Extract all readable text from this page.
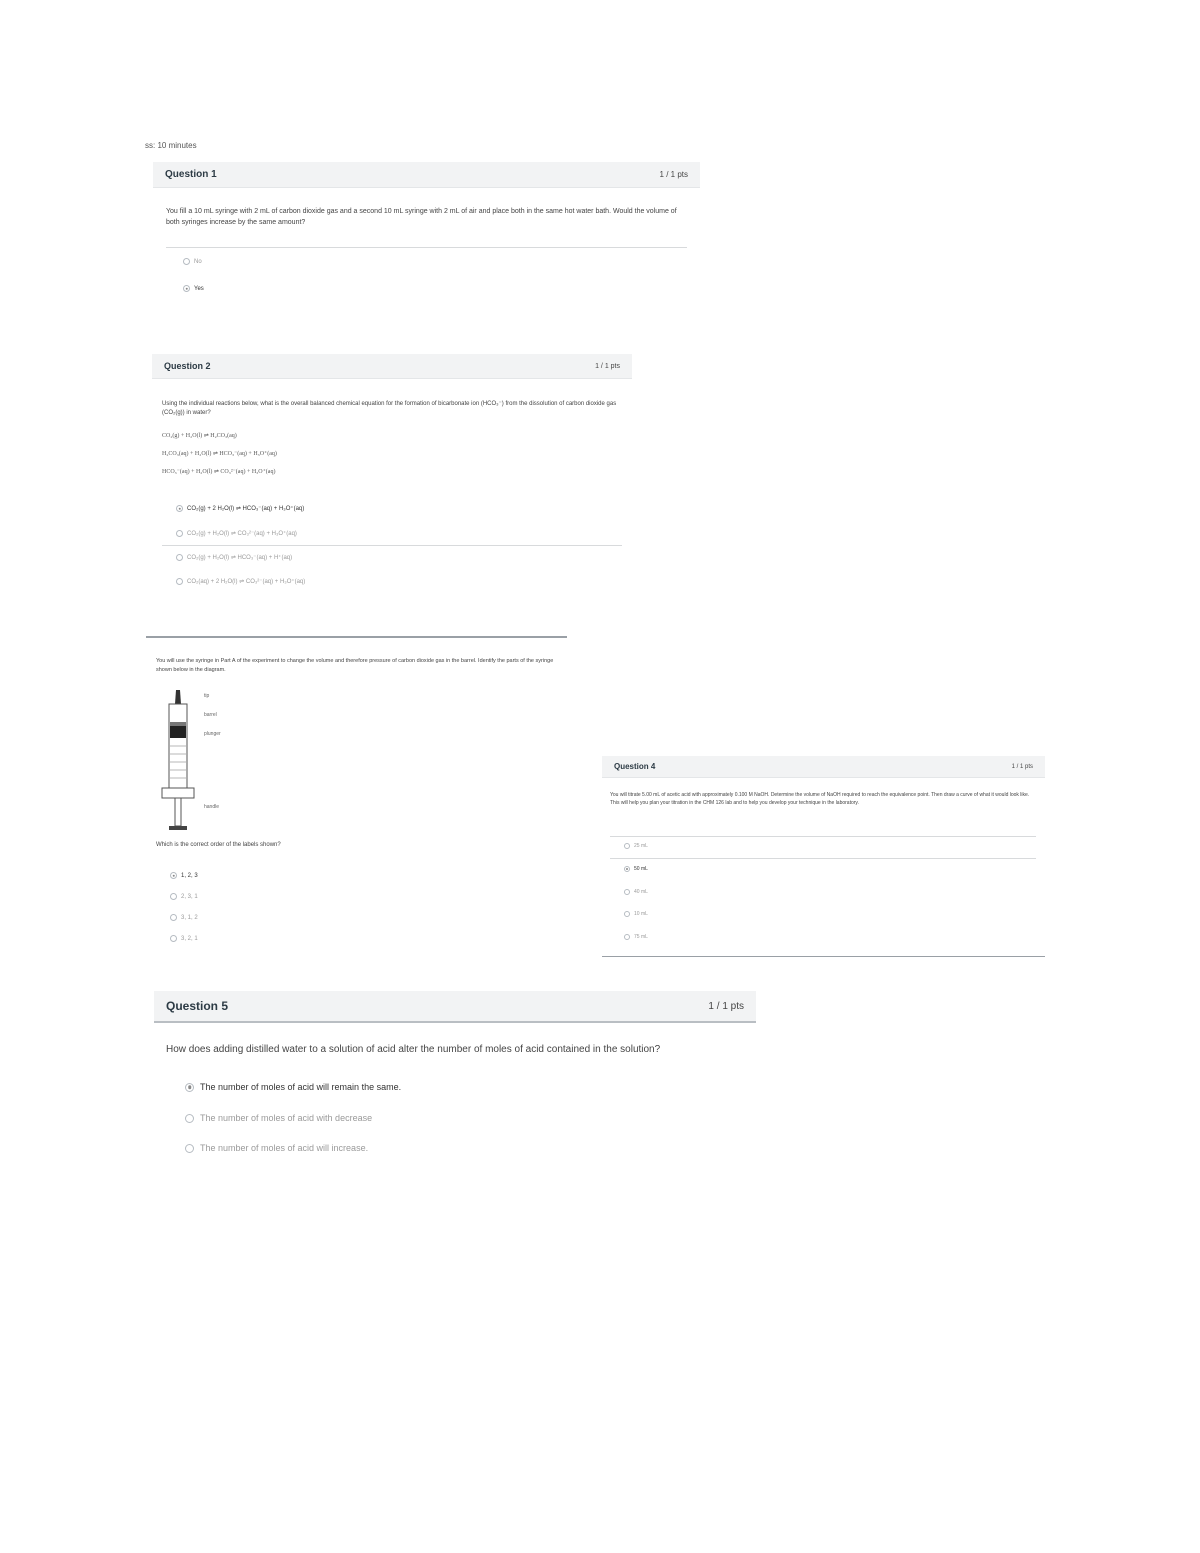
ss: 10 minutes
Question 1	1 / 1 pts
You fill a 10 mL syringe with 2 mL of carbon dioxide gas and a second 10 mL syringe with 2 mL of air and place both in the same hot water bath. Would the volume of both syringes increase by the same amount?
No
Yes
Question 2	1 / 1 pts
Using the individual reactions below, what is the overall balanced chemical equation for the formation of bicarbonate ion (HCO₃⁻) from the dissolution of carbon dioxide gas (CO₂(g)) in water?
CO₂(g) + H₂O(l) ⇌ H₂CO₃(aq)
H₂CO₃(aq) + H₂O(l) ⇌ HCO₃⁻(aq) + H₃O⁺(aq)
HCO₃⁻(aq) + H₂O(l) ⇌ CO₃²⁻(aq) + H₃O⁺(aq)
CO₂(g) + 2 H₂O(l) ⇌ HCO₃⁻(aq) + H₃O⁺(aq)
CO₂(g) + H₂O(l) ⇌ CO₃²⁻(aq) + H₃O⁺(aq)
CO₂(g) + H₂O(l) ⇌ HCO₃⁻(aq) + H⁺(aq)
CO₂(aq) + 2 H₂O(l) ⇌ CO₃²⁻(aq) + H₃O⁺(aq)
You will use the syringe in Part A of the experiment to change the volume and therefore pressure of carbon dioxide gas in the barrel. Identify the parts of the syringe shown below in the diagram.
tip
barrel
plunger
handle
Which is the correct order of the labels shown?
1, 2, 3
2, 3, 1
3, 1, 2
3, 2, 1
Question 4	1 / 1 pts
You will titrate 5.00 mL of acetic acid with approximately 0.100 M NaOH. Determine the volume of NaOH required to reach the equivalence point. Then draw a curve of what it would look like. This will help you plan your titration in the CHM 126 lab and to help you develop your technique in the laboratory.
25 mL
50 mL
40 mL
10 mL
75 mL
Question 5	1 / 1 pts
How does adding distilled water to a solution of acid alter the number of moles of acid contained in the solution?
The number of moles of acid will remain the same.
The number of moles of acid with decrease
The number of moles of acid will increase.
